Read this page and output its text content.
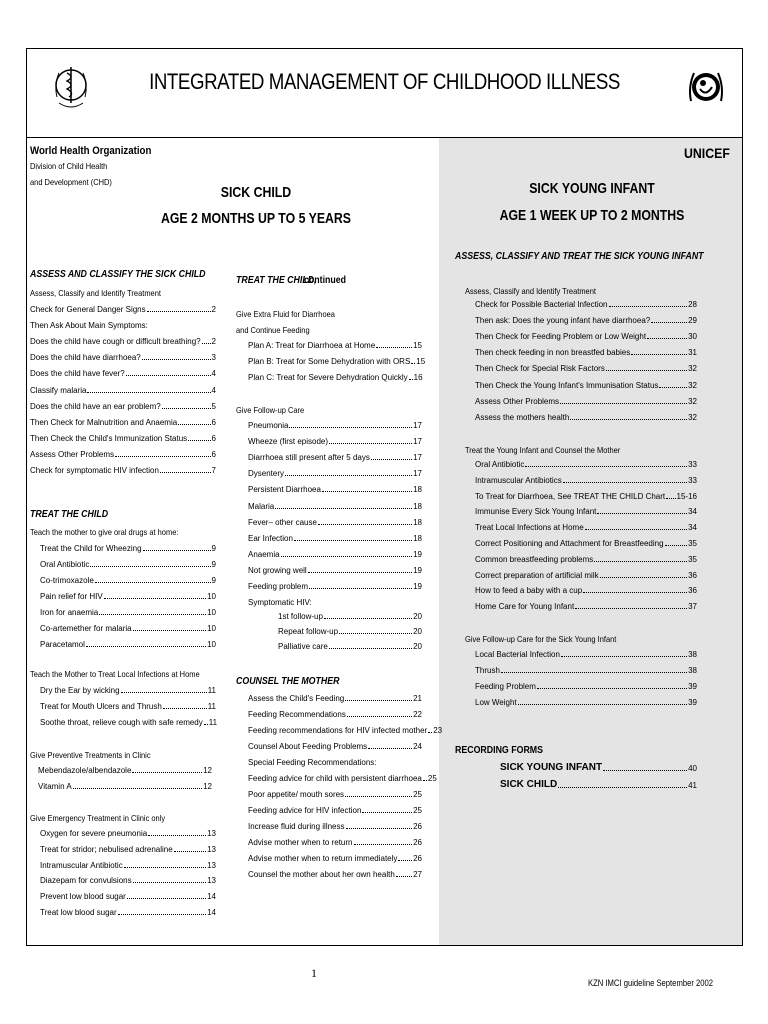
INTEGRATED MANAGEMENT OF CHILDHOOD ILLNESS
ASSESS AND CLASSIFY THE SICK CHILD
Assess, Classify and Identify Treatment
Check for General Danger Signs	2
Then Ask About Main Symptoms:
Does the child have cough or difficult breathing? 2
Does the child have diarrhoea?	3
Does the child have fever?	4
Classify malaria	4
Does the child have an ear problem?	5
Then Check for Malnutrition and Anaemia	6
Then Check the Child's Immunization Status	6
Assess Other Problems	6
Check for symptomatic HIV infection	7
TREAT THE CHILD
Teach the mother to give oral drugs at home:
Treat the Child for Wheezing	9
Oral Antibiotic	9
Co-trimoxazole	9
Pain relief for HIV	10
Iron for anaemia	10
Co-artemether for malaria	10
Paracetamol	10
Teach the Mother to Treat Local Infections at Home
Dry the Ear by wicking	11
Treat for Mouth Ulcers and Thrush	11
Soothe throat, relieve cough with safe remedy 11
Give Preventive Treatments in Clinic
Mebendazole/albendazole	12
Vitamin A	12
Give Emergency Treatment in Clinic only
Oxygen for severe pneumonia	13
Treat for stridor; nebulised adrenaline	13
Intramuscular Antibiotic	13
Diazepam for convulsions	13
Prevent low blood sugar	14
Treat low blood sugar	14
TREAT THE CHILD,
continued
Give Extra Fluid for Diarrhoea
and Continue Feeding
Plan A: Treat for Diarrhoea at Home	15
Plan B: Treat for Some Dehydration with ORS 15
Plan C: Treat for Severe Dehydration Quickly 16
Give Follow-up Care
Pneumonia	17
Wheeze (first episode)	17
Diarrhoea still present after 5 days	17
Dysentery	17
Persistent Diarrhoea	18
Malaria	18
Fever– other cause	18
Ear Infection	18
Anaemia	19
Not growing well	19
Feeding problem	19
Symptomatic HIV:
1st follow-up	20
Repeat follow-up	20
Palliative care	20
COUNSEL THE MOTHER
Assess the Child's Feeding	21
Feeding Recommendations	22
Feeding recommendations for HIV infected mother 23
Counsel About Feeding Problems	24
Special Feeding Recommendations:
Feeding advice for child with persistent diarrhoea 25
Poor appetite/ mouth sores	25
Feeding advice for HIV infection	25
Increase fluid during illness	26
Advise mother when to return	26
Advise mother when to return immediately 26
Counsel the mother about her own health 27
ASSESS, CLASSIFY AND TREAT THE SICK YOUNG INFANT
Assess, Classify and Identify Treatment
Check for Possible Bacterial Infection	28
Then ask: Does the young infant have diarrhoea?	29
Then Check for Feeding Problem or Low Weight	30
Then check feeding in non breastfed babies	31
Then Check for Special Risk Factors	32
Then Check the Young Infant's Immunisation Status	32
Assess Other Problems	32
Assess the mothers health	32
Treat the Young Infant and Counsel the Mother
Oral Antibiotic	33
Intramuscular Antibiotics	33
To Treat for Diarrhoea, See TREAT THE CHILD Chart 15-16
Immunise Every Sick Young Infant	34
Treat Local Infections at Home	34
Correct Positioning and Attachment for Breastfeeding	35
Common breastfeeding problems	35
Correct preparation of artificial milk	36
How to feed a baby with a cup	36
Home Care for Young Infant	37
Give Follow-up Care for the Sick Young Infant
Local Bacterial Infection	38
Thrush	38
Feeding Problem	39
Low Weight	39
RECORDING FORMS
SICK YOUNG INFANT	40
SICK CHILD	41
World Health Organization
Division of Child Health
and Development (CHD)
UNICEF
SICK CHILD
AGE 2 MONTHS UP TO 5 YEARS
SICK YOUNG INFANT
AGE 1 WEEK UP TO 2 MONTHS
1
KZN IMCI guideline September 2002
